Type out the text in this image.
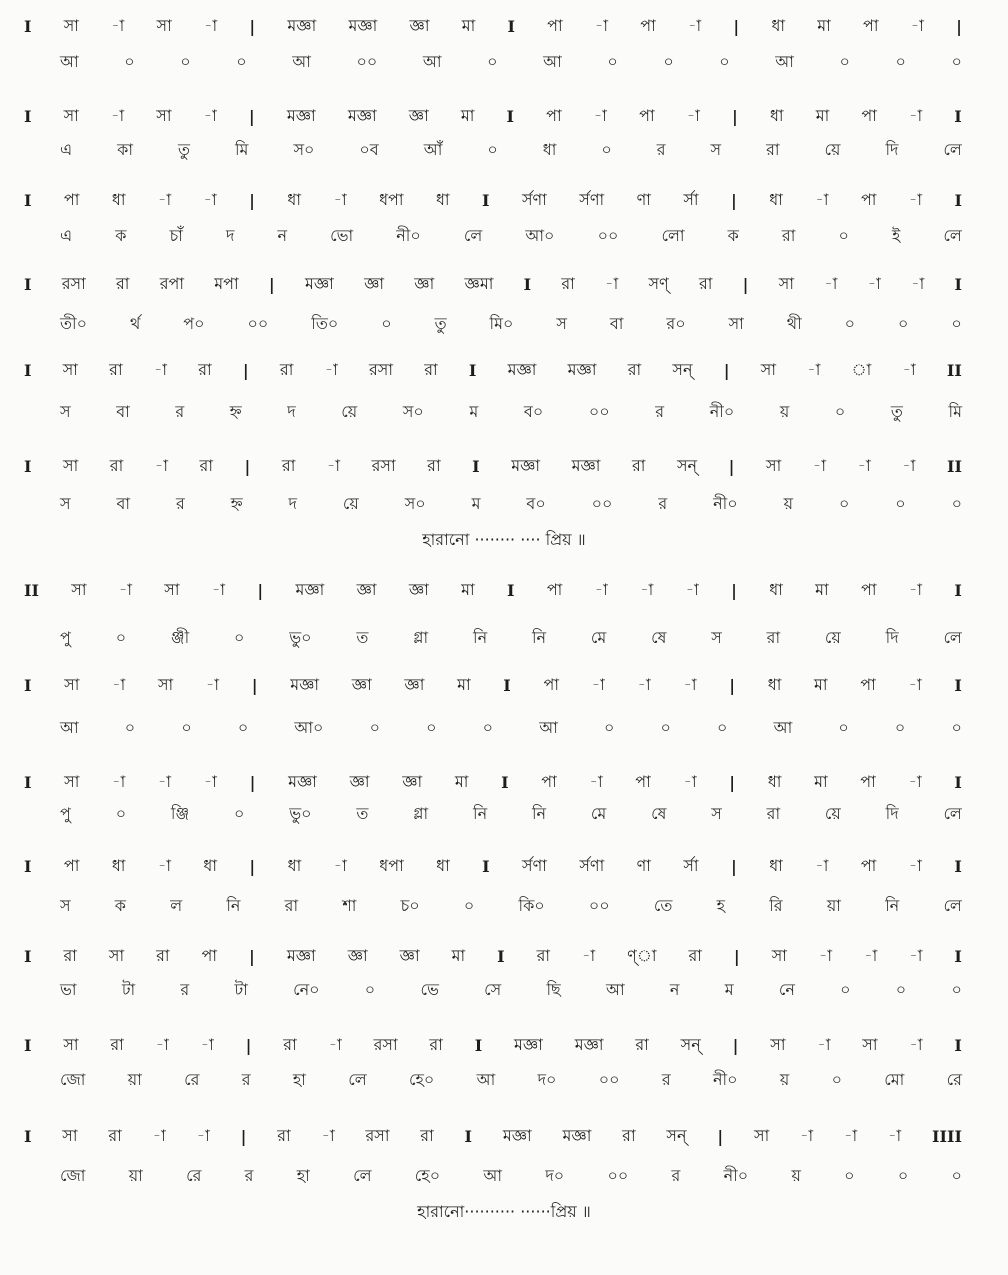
I	সা	-া	সা	-া	|	মজ্ঞা	মজ্ঞা	জ্ঞা	মা	I	পা	-া	পা	-া	|	ধা	মা	পা	-া	|
আ	০	০	০	আ	০০	আ	০	আ	০	০	০	আ	০	০	০
I	সা	-া	সা	-া	|	মজ্ঞা	মজ্ঞা	জ্ঞা	মা	I	পা	-া	পা	-া	|	ধা	মা	পা	-া	I
এ	কা	তু	মি	স০	০ব	আঁ	০	ধা	০	র	স	রা	য়ে	দি	লে
I	পা	ধা	-া	-া	|	ধা	-া	ধপা	ধা	I	র্সণা	র্সণা	ণা	র্সা	|	ধা	-া	পা	-া	I
এ	ক	চাঁ	দ	ন	ভো	নী০	লে	আ০	০০	লো	ক	রা	০	ই	লে
I	রসা	রা	রপা	মপা	|	মজ্ঞা	জ্ঞা	জ্ঞা	জ্ঞমা	I	রা	-া	সণ্	রা	|	সা	-া	-া	-া	I
তী০	র্থ	প০	০০	তি০	০	তু	মি০	স	বা	র০	সা	থী	০	০	০
I	সা	রা	-া	রা	|	রা	-া	রসা	রা	I	মজ্ঞা	মজ্ঞা	রা	সন্	|	সা	-া	া	-া	II
স	বা	র	হ্ন	দ	য়ে	স০	ম	ব০	০০	র	নী০	য়	০	তু	মি
I	সা	রা	-া	রা	|	রা	-া	রসা	রা	I	মজ্ঞা	মজ্ঞা	রা	সন্	|	সা	-া	-া	-া	II
স	বা	র	হ্ন	দ	য়ে	স০	ম	ব০	০০	র	নী০	য়	০	০	০
II	সা	-া	সা	-া	|	মজ্ঞা	জ্ঞা	জ্ঞা	মা	I	পা	-া	-া	-া	|	ধা	মা	পা	-া	I
পু	০	ঞ্জী	০	ভু০	ত	গ্লা	নি	নি	মে	ষে	স	রা	য়ে	দি	লে
I	সা	-া	সা	-া	|	মজ্ঞা	জ্ঞা	জ্ঞা	মা	I	পা	-া	-া	-া	|	ধা	মা	পা	-া	I
আ	০	০	০	আ০	০	০	০	আ	০	০	০	আ	০	০	০
I	সা	-া	-া	-া	|	মজ্ঞা	জ্ঞা	জ্ঞা	মা	I	পা	-া	পা	-া	|	ধা	মা	পা	-া	I
পু	০	ঞ্জি	০	ভু০	ত	গ্লা	নি	নি	মে	ষে	স	রা	য়ে	দি	লে
I	পা	ধা	-া	ধা	|	ধা	-া	ধপা	ধা	I	র্সণা	র্সণা	ণা	র্সা	|	ধা	-া	পা	-া	I
স	ক	ল	নি	রা	শা	চ০	০	কি০	০০	তে	হ	রি	য়া	নি	লে
I	রা	সা	রা	পা	|	মজ্ঞা	জ্ঞা	জ্ঞা	মা	I	রা	-া	ণ্া	রা	|	সা	-া	-া	-া	I
ভা	টা	র	টা	নে০	০	ভে	সে	ছি	আ	ন	ম	নে	০	০	০
I	সা	রা	-া	-া	|	রা	-া	রসা	রা	I	মজ্ঞা	মজ্ঞা	রা	সন্	|	সা	-া	সা	-া	I
জো	য়া	রে	র	হা	লে	হে০	আ	দ০	০০	র	নী০	য়	০	মো	রে
I	সা	রা	-া	-া	|	রা	-া	রসা	রা	I	মজ্ঞা	মজ্ঞা	রা	সন্	|	সা	-া	-া	-া	IIII
জো	য়া	রে	র	হা	লে	হে০	আ	দ০	০০	র	নী০	য়	০	০	০
হারানো ········ ···· প্রিয় ॥
হারানো·········· ······প্রিয় ॥
